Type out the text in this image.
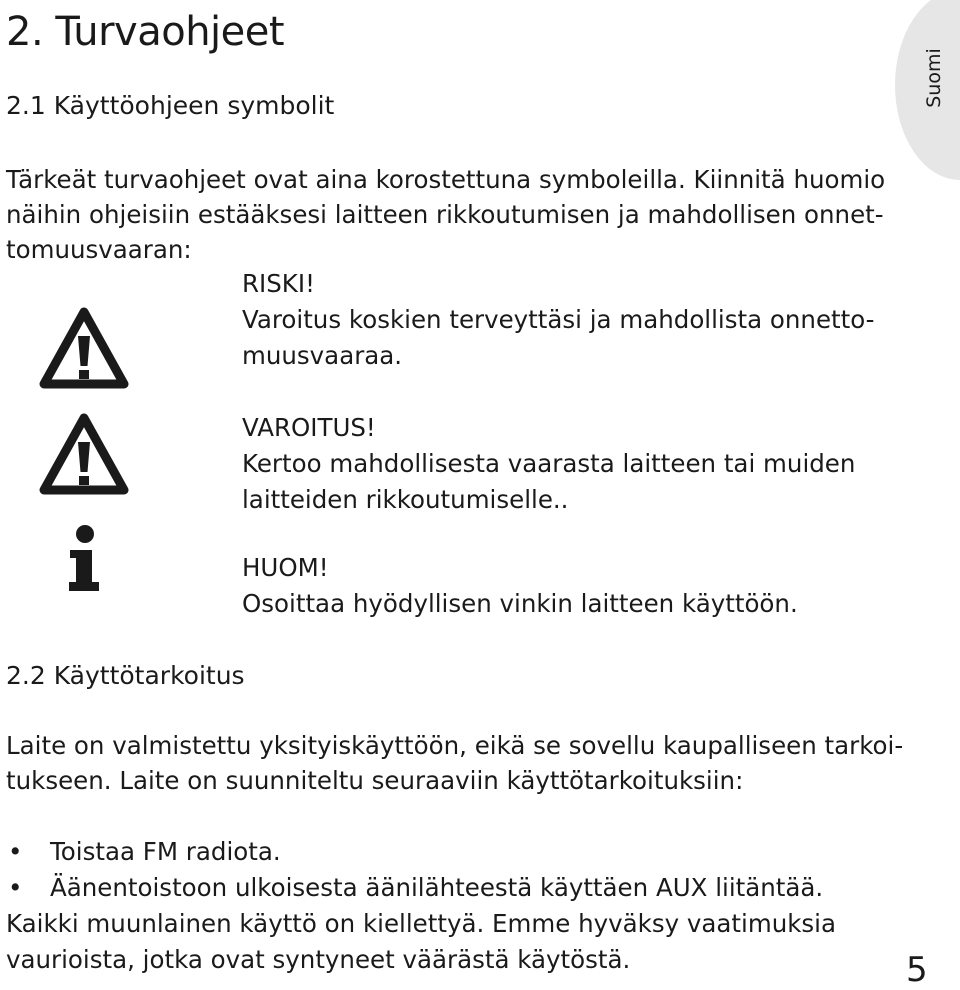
Suomi
2. Turvaohjeet
2.1 Käyttöohjeen symbolit
Tärkeät turvaohjeet ovat aina korostettuna symboleilla. Kiinnitä huomio
näihin ohjeisiin estääksesi laitteen rikkoutumisen ja mahdollisen onnet-
tomuusvaaran:
RISKI!
Varoitus koskien terveyttäsi ja mahdollista onnetto-
muusvaaraa.
VAROITUS!
Kertoo mahdollisesta vaarasta laitteen tai muiden
laitteiden rikkoutumiselle..
HUOM!
Osoittaa hyödyllisen vinkin laitteen käyttöön.
2.2 Käyttötarkoitus
Laite on valmistettu yksityiskäyttöön, eikä se sovellu kaupalliseen tarkoi-
tukseen. Laite on suunniteltu seuraaviin käyttötarkoituksiin:
•	Toistaa FM radiota.
•	Äänentoistoon ulkoisesta äänilähteestä käyttäen AUX liitäntää.
Kaikki muunlainen käyttö on kiellettyä. Emme hyväksy vaatimuksia
vaurioista, jotka ovat syntyneet väärästä käytöstä.	5
